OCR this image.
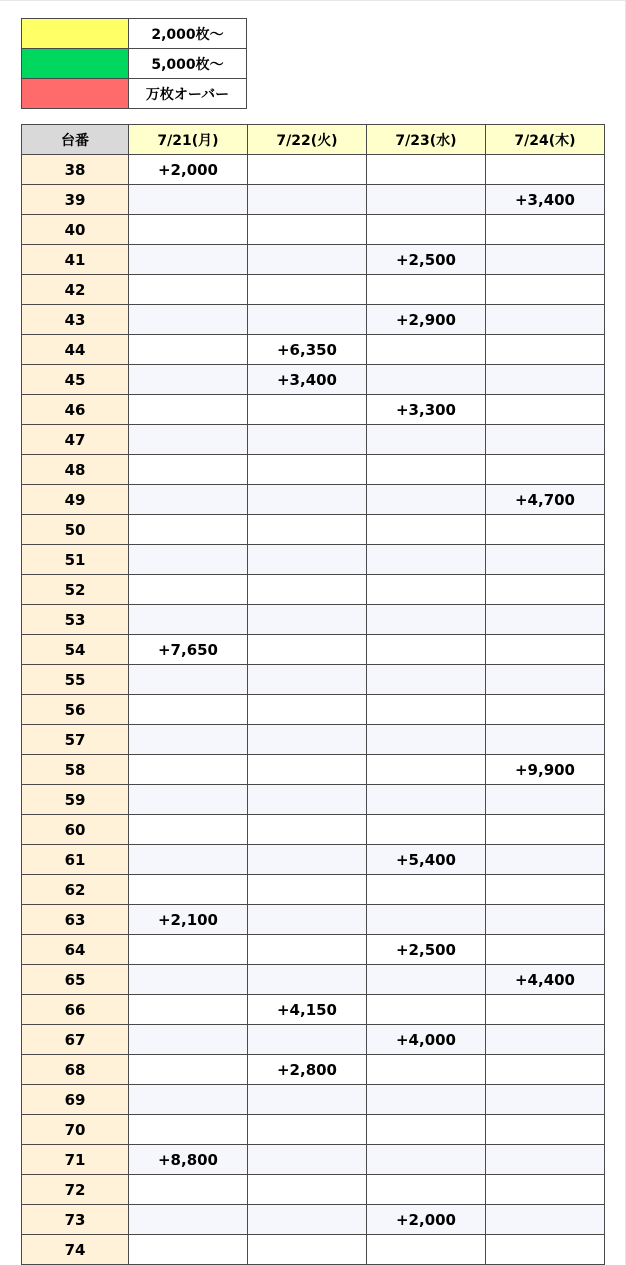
	2,000枚～
	5,000枚～
	万枚オーバー
台番	7/21(月)	7/22(火)	7/23(水)	7/24(木)
38	+2,000			
39				+3,400
40				
41			+2,500	
42				
43			+2,900	
44		+6,350		
45		+3,400		
46			+3,300	
47				
48				
49				+4,700
50				
51				
52				
53				
54	+7,650			
55				
56				
57				
58				+9,900
59				
60				
61			+5,400	
62				
63	+2,100			
64			+2,500	
65				+4,400
66		+4,150		
67			+4,000	
68		+2,800		
69				
70				
71	+8,800			
72				
73			+2,000	
74				
